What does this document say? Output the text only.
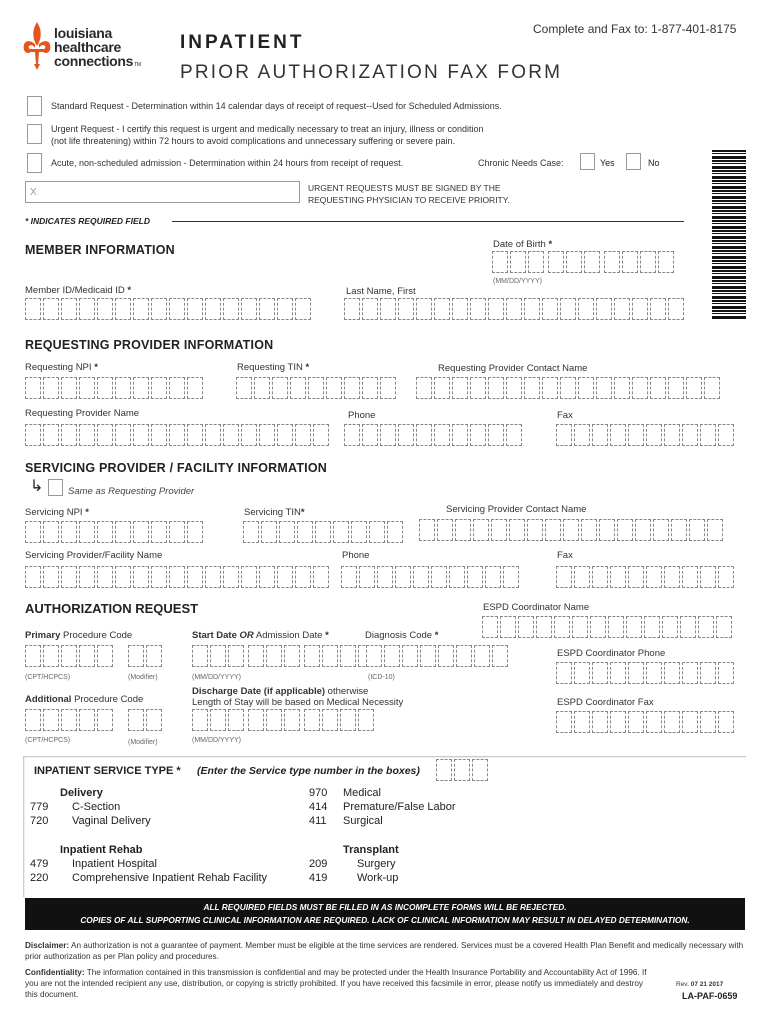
louisiana
healthcare
connectionsTM
Complete and Fax to: 1-877-401-8175
INPATIENT
PRIOR AUTHORIZATION FAX FORM
Standard Request - Determination within 14 calendar days of receipt of request--Used for Scheduled Admissions.
Urgent Request - I certify this request is urgent and medically necessary to treat an injury, illness or condition
(not life threatening) within 72 hours to avoid complications and unnecessary suffering or severe pain.
Acute, non-scheduled admission - Determination within 24 hours from receipt of request.	Chronic Needs Case:	Yes	No
X	URGENT REQUESTS MUST BE SIGNED BY THE
REQUESTING PHYSICIAN TO RECEIVE PRIORITY.
* INDICATES REQUIRED FIELD
MEMBER INFORMATION	Date of Birth *
(MM/DD/YYYY)
Member ID/Medicaid ID *	Last Name, First
REQUESTING PROVIDER INFORMATION
Requesting NPI *	Requesting TIN *	Requesting Provider Contact Name
Requesting Provider Name	Phone	Fax
SERVICING PROVIDER / FACILITY INFORMATION
↳	Same as Requesting Provider
Servicing NPI *	Servicing TIN*	Servicing Provider Contact Name
Servicing Provider/Facility Name	Phone	Fax
AUTHORIZATION REQUEST	ESPD Coordinator Name
Primary Procedure Code	Start Date OR Admission Date *	Diagnosis Code *
ESPD Coordinator Phone
(CPT/HCPCS)	(Modifier)	(MM/DD/YYYY)	(ICD-10)
Additional Procedure Code
Discharge Date (if applicable) otherwise
Length of Stay will be based on Medical Necessity	ESPD Coordinator Fax
(CPT/HCPCS)	(Modifier)	(MM/DD/YYYY)
INPATIENT SERVICE TYPE * (Enter the Service type number in the boxes)
Delivery
779 C-Section
720 Vaginal Delivery
970 Medical
414 Premature/False Labor
411 Surgical
Inpatient Rehab
479 Inpatient Hospital
220 Comprehensive Inpatient Rehab Facility
Transplant
209	Surgery
419	Work-up
ALL REQUIRED FIELDS MUST BE FILLED IN AS INCOMPLETE FORMS WILL BE REJECTED.
COPIES OF ALL SUPPORTING CLINICAL INFORMATION ARE REQUIRED. LACK OF CLINICAL INFORMATION MAY RESULT IN DELAYED DETERMINATION.
Disclaimer: An authorization is not a guarantee of payment. Member must be eligible at the time services are rendered. Services must be a covered Health Plan Benefit and medically necessary with prior authorization as per Plan policy and procedures.
Confidentiality: The information contained in this transmission is confidential and may be protected under the Health Insurance Portability and Accountability Act of 1996. If you are not the intended recipient any use, distribution, or copying is strictly prohibited. If you have received this facsimile in error, please notify us immediately and destroy this document.
Rev. 07 21 2017
LA-PAF-0659
